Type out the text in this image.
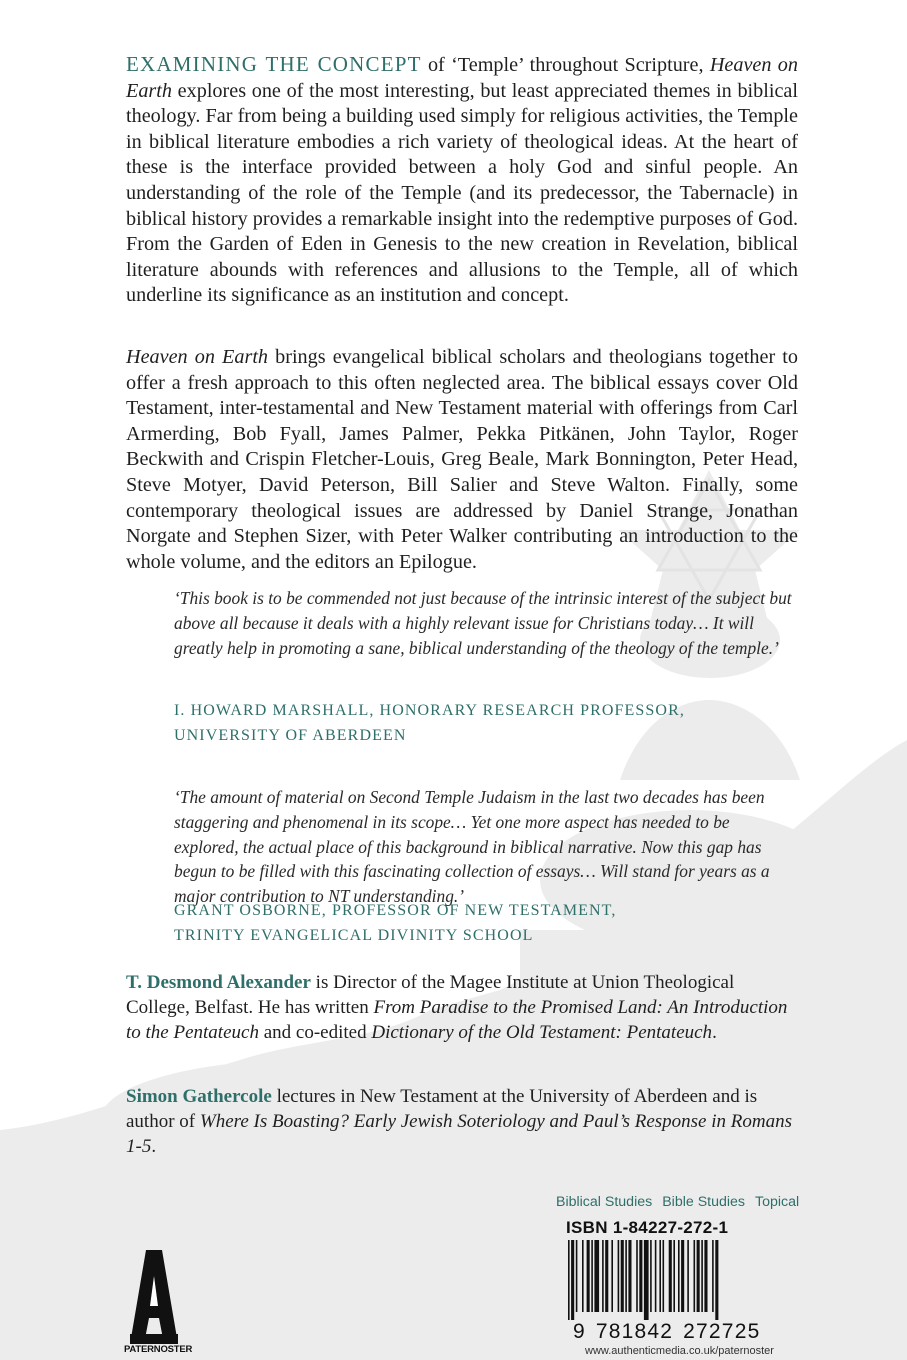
EXAMINING THE CONCEPT of ‘Temple’ throughout Scripture, Heaven on Earth explores one of the most interesting, but least appreciated themes in biblical theology. Far from being a building used simply for religious activities, the Temple in biblical literature embodies a rich variety of theological ideas. At the heart of these is the interface provided between a holy God and sinful people. An understanding of the role of the Temple (and its predecessor, the Tabernacle) in biblical history provides a remarkable insight into the redemptive purposes of God. From the Garden of Eden in Genesis to the new creation in Revelation, biblical literature abounds with references and allusions to the Temple, all of which underline its significance as an institution and concept.

Heaven on Earth brings evangelical biblical scholars and theologians together to offer a fresh approach to this often neglected area. The biblical essays cover Old Testament, inter-testamental and New Testament material with offerings from Carl Armerding, Bob Fyall, James Palmer, Pekka Pitkänen, John Taylor, Roger Beckwith and Crispin Fletcher-Louis, Greg Beale, Mark Bonnington, Peter Head, Steve Motyer, David Peterson, Bill Salier and Steve Walton. Finally, some contemporary theological issues are addressed by Daniel Strange, Jonathan Norgate and Stephen Sizer, with Peter Walker contributing an introduction to the whole volume, and the editors an Epilogue.

‘This book is to be commended not just because of the intrinsic interest of the subject but above all because it deals with a highly relevant issue for Christians today… It will greatly help in promoting a sane, biblical understanding of the theology of the temple.’

I. HOWARD MARSHALL, HONORARY RESEARCH PROFESSOR,
UNIVERSITY OF ABERDEEN

‘The amount of material on Second Temple Judaism in the last two decades has been staggering and phenomenal in its scope… Yet one more aspect has needed to be explored, the actual place of this background in biblical narrative. Now this gap has begun to be filled with this fascinating collection of essays… Will stand for years as a major contribution to NT understanding.’

GRANT OSBORNE, PROFESSOR OF NEW TESTAMENT,
TRINITY EVANGELICAL DIVINITY SCHOOL

T. Desmond Alexander is Director of the Magee Institute at Union Theological College, Belfast. He has written From Paradise to the Promised Land: An Introduction to the Pentateuch and co-edited Dictionary of the Old Testament: Pentateuch.

Simon Gathercole lectures in New Testament at the University of Aberdeen and is author of Where Is Boasting? Early Jewish Soteriology and Paul’s Response in Romans 1-5.

PATERNOSTER
Biblical Studies Bible Studies Topical
ISBN 1-84227-272-1
9 781842 272725
www.authenticmedia.co.uk/paternoster
